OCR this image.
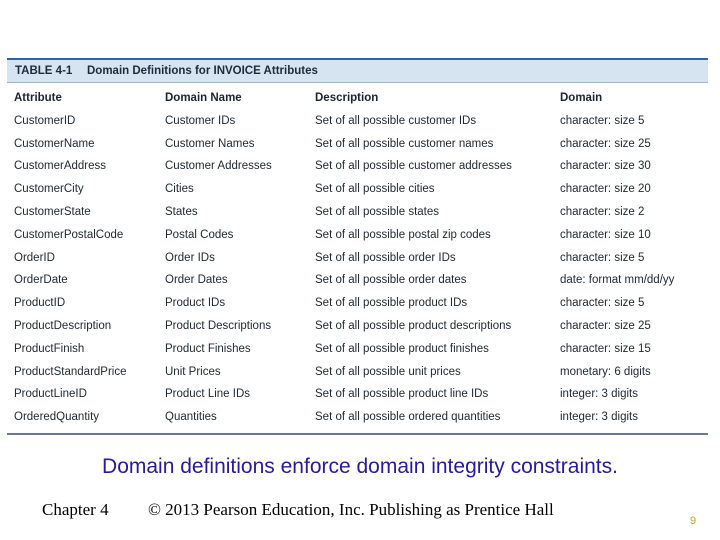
TABLE 4-1	Domain Definitions for INVOICE Attributes
Attribute	Domain Name	Description	Domain
CustomerID	Customer IDs	Set of all possible customer IDs	character: size 5
CustomerName	Customer Names	Set of all possible customer names	character: size 25
CustomerAddress	Customer Addresses	Set of all possible customer addresses	character: size 30
CustomerCity	Cities	Set of all possible cities	character: size 20
CustomerState	States	Set of all possible states	character: size 2
CustomerPostalCode	Postal Codes	Set of all possible postal zip codes	character: size 10
OrderID	Order IDs	Set of all possible order IDs	character: size 5
OrderDate	Order Dates	Set of all possible order dates	date: format mm/dd/yy
ProductID	Product IDs	Set of all possible product IDs	character: size 5
ProductDescription	Product Descriptions	Set of all possible product descriptions	character: size 25
ProductFinish	Product Finishes	Set of all possible product finishes	character: size 15
ProductStandardPrice	Unit Prices	Set of all possible unit prices	monetary: 6 digits
ProductLineID	Product Line IDs	Set of all possible product line IDs	integer: 3 digits
OrderedQuantity	Quantities	Set of all possible ordered quantities	integer: 3 digits
Domain definitions enforce domain integrity constraints.
Chapter 4 © 2013 Pearson Education, Inc. Publishing as Prentice Hall
9
